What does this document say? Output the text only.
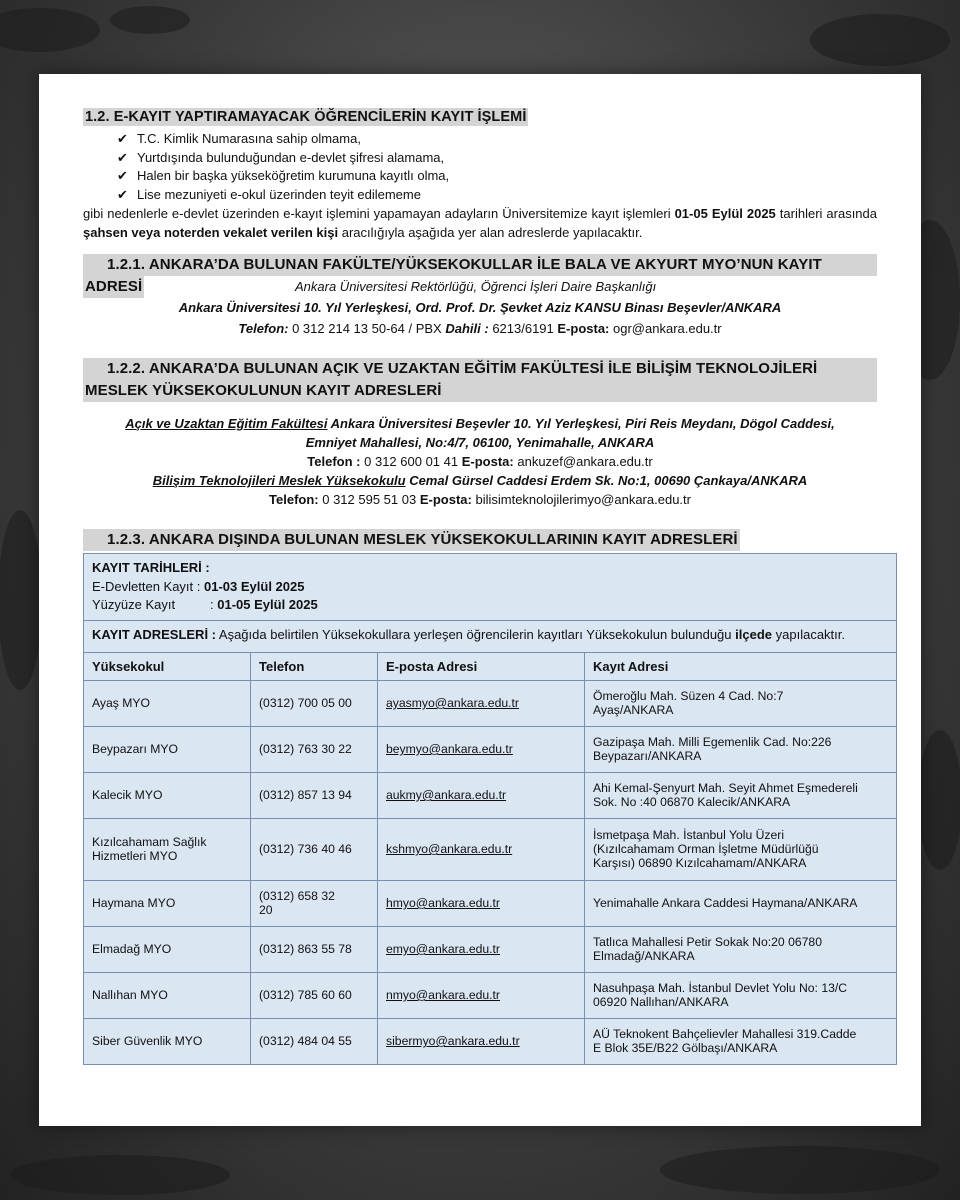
1.2. E-KAYIT YAPTIRAMAYACAK ÖĞRENCİLERİN KAYIT İŞLEMİ
✔ T.C. Kimlik Numarasına sahip olmama,
✔ Yurtdışında bulunduğundan e-devlet şifresi alamama,
✔ Halen bir başka yükseköğretim kurumuna kayıtlı olma,
✔ Lise mezuniyeti e-okul üzerinden teyit edilememe

gibi nedenlerle e-devlet üzerinden e-kayıt işlemini yapamayan adayların Üniversitemize kayıt işlemleri 01-05 Eylül 2025 tarihleri arasında şahsen veya noterden vekalet verilen kişi aracılığıyla aşağıda yer alan adreslerde yapılacaktır.

1.2.1. ANKARA’DA BULUNAN FAKÜLTE/YÜKSEKOKULLAR İLE BALA VE AKYURT MYO’NUN KAYIT
ADRESİ	Ankara Üniversitesi Rektörlüğü, Öğrenci İşleri Daire Başkanlığı
Ankara Üniversitesi 10. Yıl Yerleşkesi, Ord. Prof. Dr. Şevket Aziz KANSU Binası Beşevler/ANKARA
Telefon: 0 312 214 13 50-64 / PBX Dahili : 6213/6191 E-posta: ogr@ankara.edu.tr
1.2.2. ANKARA’DA BULUNAN AÇIK VE UZAKTAN EĞİTİM FAKÜLTESİ İLE BİLİŞİM TEKNOLOJİLERİ
MESLEK YÜKSEKOKULUNUN KAYIT ADRESLERİ
Açık ve Uzaktan Eğitim Fakültesi Ankara Üniversitesi Beşevler 10. Yıl Yerleşkesi, Piri Reis Meydanı, Dögol Caddesi,
Emniyet Mahallesi, No:4/7, 06100, Yenimahalle, ANKARA
Telefon : 0 312 600 01 41 E-posta: ankuzef@ankara.edu.tr
Bilişim Teknolojileri Meslek Yüksekokulu Cemal Gürsel Caddesi Erdem Sk. No:1, 00690 Çankaya/ANKARA
Telefon: 0 312 595 51 03 E-posta: bilisimteknolojilerimyo@ankara.edu.tr
1.2.3. ANKARA DIŞINDA BULUNAN MESLEK YÜKSEKOKULLARININ KAYIT ADRESLERİ
KAYIT TARİHLERİ :
E-Devletten Kayıt : 01-03 Eylül 2025
Yüzyüze Kayıt : 01-05 Eylül 2025			

KAYIT ADRESLERİ : Aşağıda belirtilen Yüksekokullara yerleşen öğrencilerin kayıtları Yüksekokulun bulunduğu ilçede yapılacaktır.			
Yüksekokul	Telefon	E-posta Adresi	Kayıt Adresi
Ayaş MYO	(0312) 700 05 00	ayasmyo@ankara.edu.tr	Ömeroğlu Mah. Süzen 4 Cad. No:7
Ayaş/ANKARA

Beypazarı MYO	(0312) 763 30 22	beymyo@ankara.edu.tr	Gazipaşa Mah. Milli Egemenlik Cad. No:226
Beypazarı/ANKARA

Kalecik MYO	(0312) 857 13 94	aukmy@ankara.edu.tr	Ahi Kemal-Şenyurt Mah. Seyit Ahmet Eşmedereli
Sok. No :40 06870 Kalecik/ANKARA

Kızılcahamam Sağlık Hizmetleri MYO	(0312) 736 40 46	kshmyo@ankara.edu.tr	İsmetpaşa Mah. İstanbul Yolu Üzeri
(Kızılcahamam Orman İşletme Müdürlüğü
Karşısı) 06890 Kızılcahamam/ANKARA

Haymana MYO	(0312) 658 32 20	hmyo@ankara.edu.tr	Yenimahalle Ankara Caddesi Haymana/ANKARA

Elmadağ MYO	(0312) 863 55 78	emyo@ankara.edu.tr	Tatlıca Mahallesi Petir Sokak No:20 06780
Elmadağ/ANKARA

Nallıhan MYO	(0312) 785 60 60	nmyo@ankara.edu.tr	Nasuhpaşa Mah. İstanbul Devlet Yolu No: 13/C
06920 Nallıhan/ANKARA

Siber Güvenlik MYO	(0312) 484 04 55	sibermyo@ankara.edu.tr	AÜ Teknokent Bahçelievler Mahallesi 319.Cadde
E Blok 35E/B22 Gölbaşı/ANKARA
